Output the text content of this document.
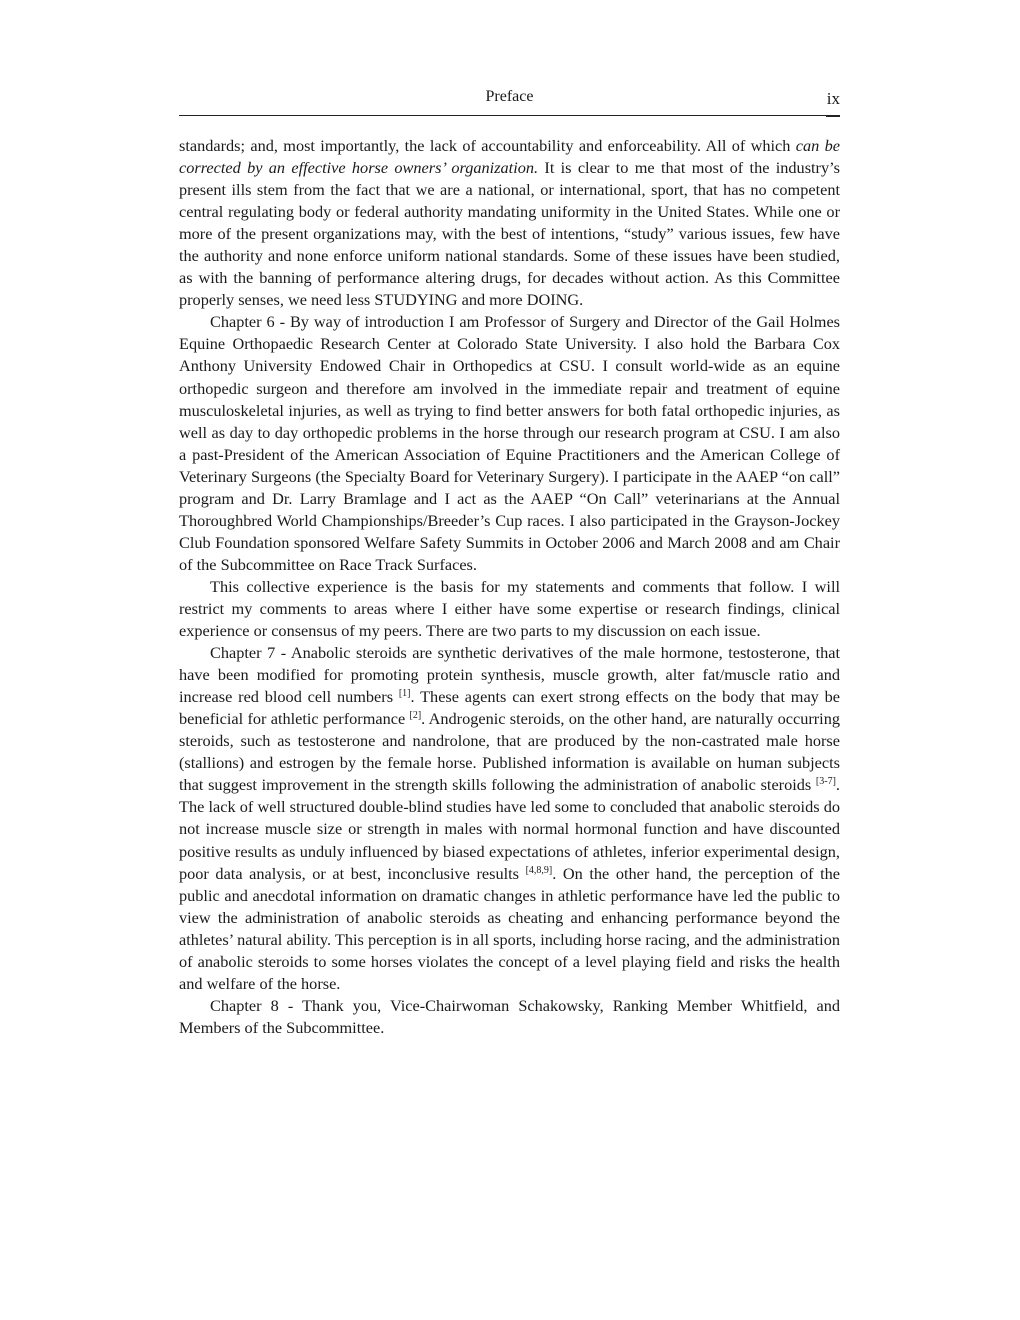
Preface	ix

standards; and, most importantly, the lack of accountability and enforceability. All of which can be corrected by an effective horse owners’ organization. It is clear to me that most of the industry’s present ills stem from the fact that we are a national, or international, sport, that has no competent central regulating body or federal authority mandating uniformity in the United States. While one or more of the present organizations may, with the best of intentions, “study” various issues, few have the authority and none enforce uniform national standards. Some of these issues have been studied, as with the banning of performance altering drugs, for decades without action. As this Committee properly senses, we need less STUDYING and more DOING.

Chapter 6 - By way of introduction I am Professor of Surgery and Director of the Gail Holmes Equine Orthopaedic Research Center at Colorado State University. I also hold the Barbara Cox Anthony University Endowed Chair in Orthopedics at CSU. I consult world-wide as an equine orthopedic surgeon and therefore am involved in the immediate repair and treatment of equine musculoskeletal injuries, as well as trying to find better answers for both fatal orthopedic injuries, as well as day to day orthopedic problems in the horse through our research program at CSU. I am also a past-President of the American Association of Equine Practitioners and the American College of Veterinary Surgeons (the Specialty Board for Veterinary Surgery). I participate in the AAEP “on call” program and Dr. Larry Bramlage and I act as the AAEP “On Call” veterinarians at the Annual Thoroughbred World Championships/Breeder’s Cup races. I also participated in the Grayson-Jockey Club Foundation sponsored Welfare Safety Summits in October 2006 and March 2008 and am Chair of the Subcommittee on Race Track Surfaces.

This collective experience is the basis for my statements and comments that follow. I will restrict my comments to areas where I either have some expertise or research findings, clinical experience or consensus of my peers. There are two parts to my discussion on each issue.

Chapter 7 - Anabolic steroids are synthetic derivatives of the male hormone, testosterone, that have been modified for promoting protein synthesis, muscle growth, alter fat/muscle ratio and increase red blood cell numbers [1]. These agents can exert strong effects on the body that may be beneficial for athletic performance [2]. Androgenic steroids, on the other hand, are naturally occurring steroids, such as testosterone and nandrolone, that are produced by the non-castrated male horse (stallions) and estrogen by the female horse. Published information is available on human subjects that suggest improvement in the strength skills following the administration of anabolic steroids [3-7]. The lack of well structured double-blind studies have led some to concluded that anabolic steroids do not increase muscle size or strength in males with normal hormonal function and have discounted positive results as unduly influenced by biased expectations of athletes, inferior experimental design, poor data analysis, or at best, inconclusive results [4,8,9]. On the other hand, the perception of the public and anecdotal information on dramatic changes in athletic performance have led the public to view the administration of anabolic steroids as cheating and enhancing performance beyond the athletes’ natural ability. This perception is in all sports, including horse racing, and the administration of anabolic steroids to some horses violates the concept of a level playing field and risks the health and welfare of the horse.

Chapter 8 - Thank you, Vice-Chairwoman Schakowsky, Ranking Member Whitfield, and Members of the Subcommittee.
